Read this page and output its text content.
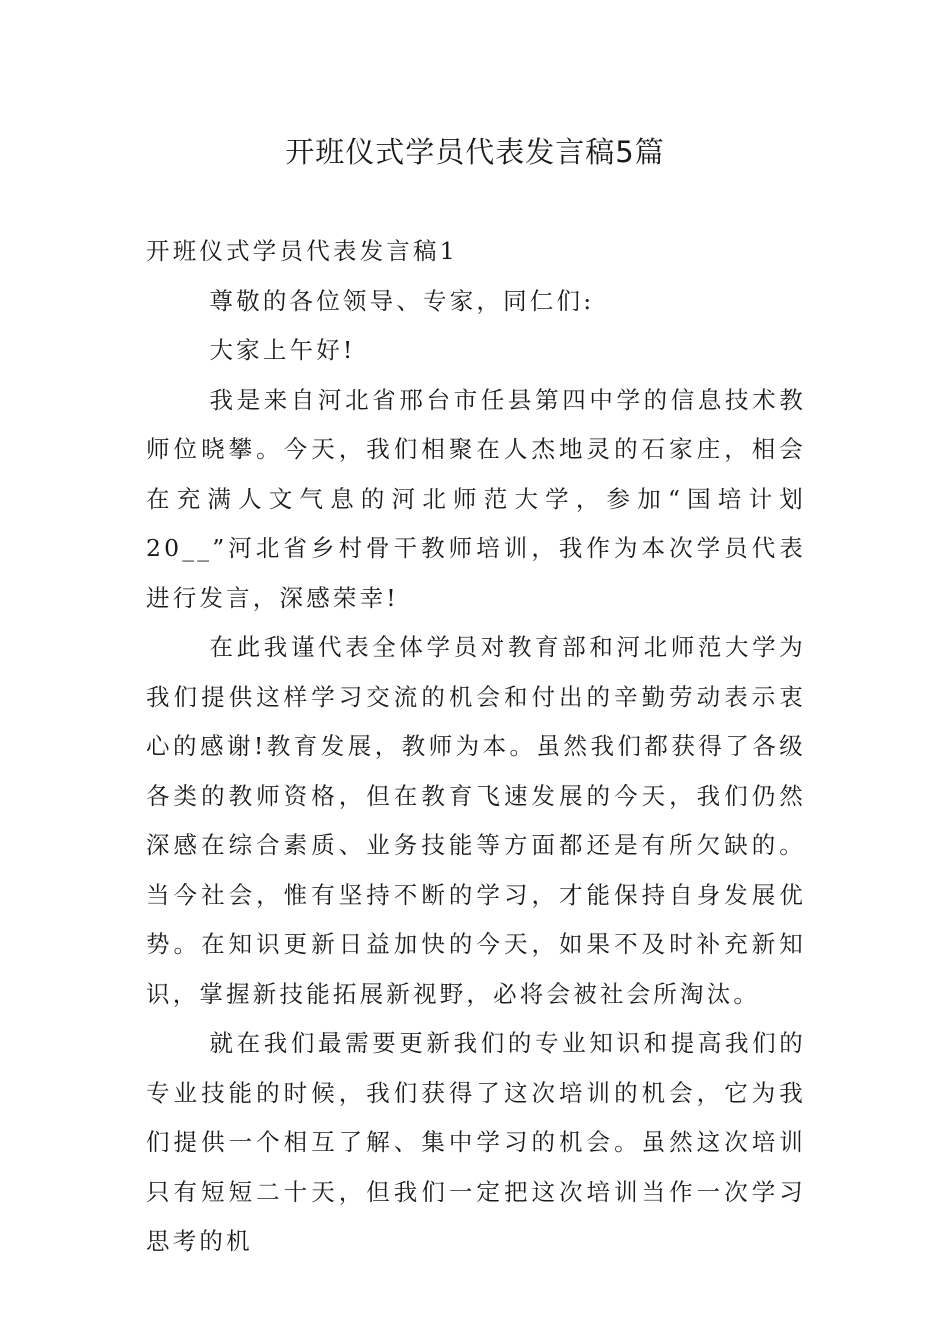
开班仪式学员代表发言稿5篇

开班仪式学员代表发言稿1

尊敬的各位领导、专家，同仁们:

大家上午好!

我是来自河北省邢台市任县第四中学的信息技术教师位晓攀。今天，我们相聚在人杰地灵的石家庄，相会在充满人文气息的河北师范大学，参加“国培计划20__”河北省乡村骨干教师培训，我作为本次学员代表进行发言，深感荣幸!

在此我谨代表全体学员对教育部和河北师范大学为我们提供这样学习交流的机会和付出的辛勤劳动表示衷心的感谢!教育发展，教师为本。虽然我们都获得了各级各类的教师资格，但在教育飞速发展的今天，我们仍然深感在综合素质、业务技能等方面都还是有所欠缺的。当今社会，惟有坚持不断的学习，才能保持自身发展优势。在知识更新日益加快的今天，如果不及时补充新知识，掌握新技能拓展新视野，必将会被社会所淘汰。

就在我们最需要更新我们的专业知识和提高我们的专业技能的时候，我们获得了这次培训的机会，它为我们提供一个相互了解、集中学习的机会。虽然这次培训只有短短二十天，但我们一定把这次培训当作一次学习思考的机
